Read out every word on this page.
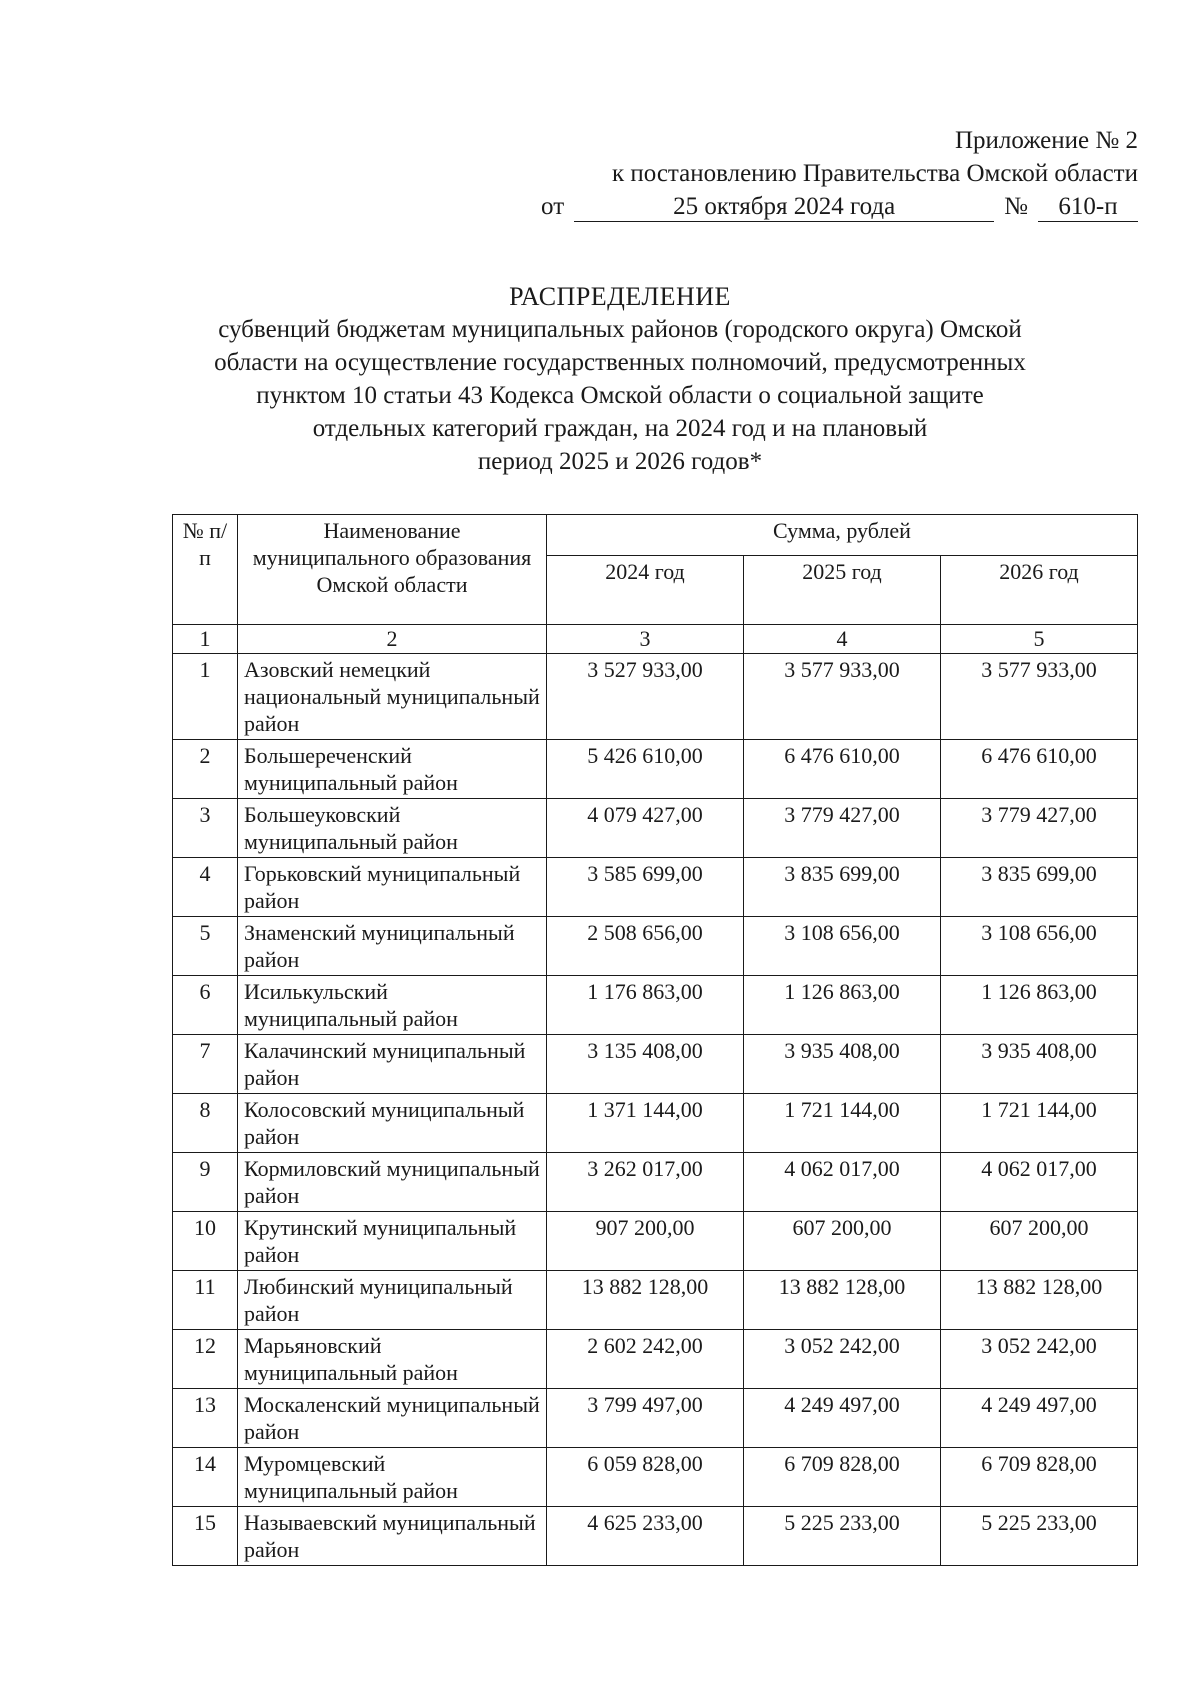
Приложение № 2
к постановлению Правительства Омской области
от	25 октября 2024 года	№	610-п
РАСПРЕДЕЛЕНИЕ
субвенций бюджетам муниципальных районов (городского округа) Омской
области на осуществление государственных полномочий, предусмотренных
пунктом 10 статьи 43 Кодекса Омской области о социальной защите
отдельных категорий граждан, на 2024 год и на плановый
период 2025 и 2026 годов*
№ п/п	Наименование муниципального образования Омской области	Сумма, рублей		
		2024 год	2025 год	2026 год
1	2	3	4	5
1	Азовский немецкий национальный муниципальный район	3 527 933,00	3 577 933,00	3 577 933,00
2	Большереченский муниципальный район	5 426 610,00	6 476 610,00	6 476 610,00
3	Большеуковский муниципальный район	4 079 427,00	3 779 427,00	3 779 427,00
4	Горьковский муниципальный район	3 585 699,00	3 835 699,00	3 835 699,00
5	Знаменский муниципальный район	2 508 656,00	3 108 656,00	3 108 656,00
6	Исилькульский муниципальный район	1 176 863,00	1 126 863,00	1 126 863,00
7	Калачинский муниципальный район	3 135 408,00	3 935 408,00	3 935 408,00
8	Колосовский муниципальный район	1 371 144,00	1 721 144,00	1 721 144,00
9	Кормиловский муниципальный район	3 262 017,00	4 062 017,00	4 062 017,00
10	Крутинский муниципальный район	907 200,00	607 200,00	607 200,00
11	Любинский муниципальный район	13 882 128,00	13 882 128,00	13 882 128,00
12	Марьяновский муниципальный район	2 602 242,00	3 052 242,00	3 052 242,00
13	Москаленский муниципальный район	3 799 497,00	4 249 497,00	4 249 497,00
14	Муромцевский муниципальный район	6 059 828,00	6 709 828,00	6 709 828,00
15	Называевский муниципальный район	4 625 233,00	5 225 233,00	5 225 233,00
